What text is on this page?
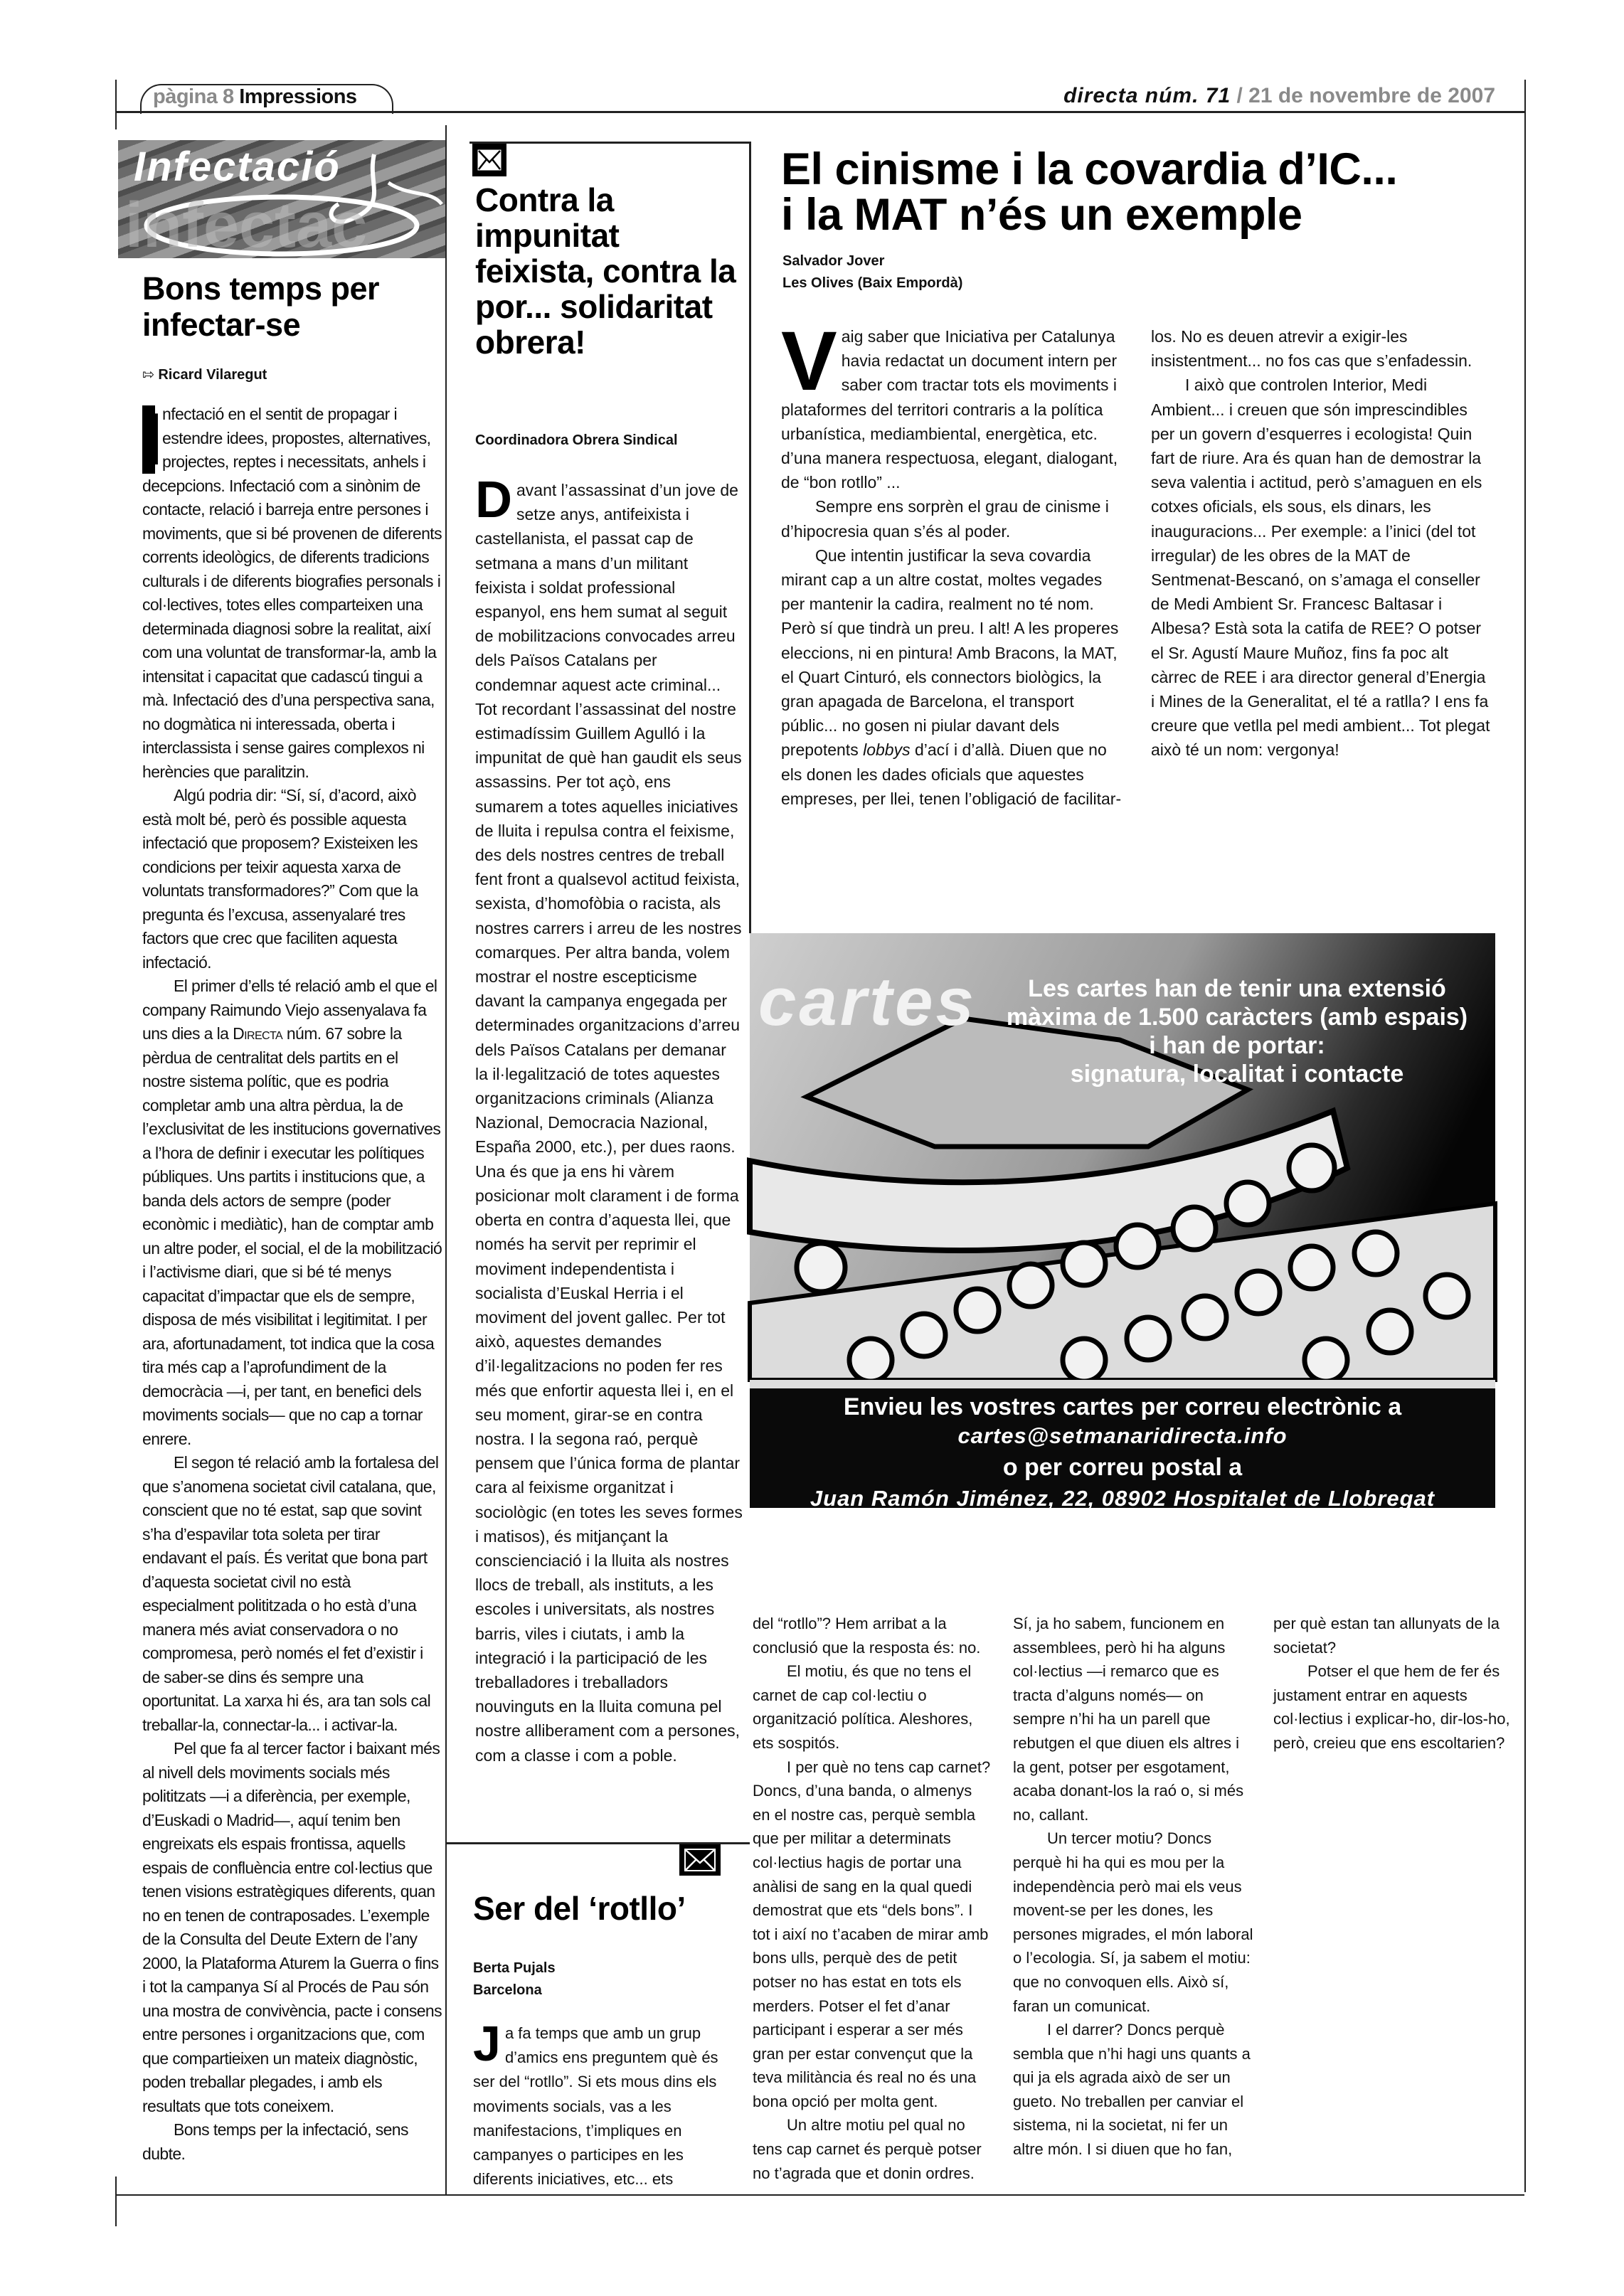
pàgina 8 Impressions	directa núm. 71 / 21 de novembre de 2007
infectac
Infectació
Bons temps per infectar-se
⇰ Ricard Vilaregut

I nfectació en el sentit de propagar i estendre idees, propostes, alternatives, projectes, reptes i necessitats, anhels i decepcions. Infectació com a sinònim de contacte, relació i barreja entre persones i moviments, que si bé provenen de diferents corrents ideològics, de diferents tradicions culturals i de diferents biografies personals i col·lectives, totes elles comparteixen una determinada diagnosi sobre la realitat, així com una voluntat de transformar-la, amb la intensitat i capacitat que cadascú tingui a mà. Infectació des d’una perspectiva sana, no dogmàtica ni interessada, oberta i interclassista i sense gaires complexos ni herències que paralitzin.

Algú podria dir: “Sí, sí, d’acord, això està molt bé, però és possible aquesta infectació que proposem? Existeixen les condicions per teixir aquesta xarxa de voluntats transformadores?” Com que la pregunta és l’excusa, assenyalaré tres factors que crec que faciliten aquesta infectació.

El primer d’ells té relació amb el que el company Raimundo Viejo assenyalava fa uns dies a la Directa núm. 67 sobre la pèrdua de centralitat dels partits en el nostre sistema polític, que es podria completar amb una altra pèrdua, la de l’exclusivitat de les institucions governatives a l’hora de definir i executar les polítiques públiques. Uns partits i institucions que, a banda dels actors de sempre (poder econòmic i mediàtic), han de comptar amb un altre poder, el social, el de la mobilització i l’activisme diari, que si bé té menys capacitat d’impactar que els de sempre, disposa de més visibilitat i legitimitat. I per ara, afortunadament, tot indica que la cosa tira més cap a l’aprofundiment de la democràcia —i, per tant, en benefici dels moviments socials— que no cap a tornar enrere.

El segon té relació amb la fortalesa del que s’anomena societat civil catalana, que, conscient que no té estat, sap que sovint s’ha d’espavilar tota soleta per tirar endavant el país. És veritat que bona part d’aquesta societat civil no està especialment polititzada o ho està d’una manera més aviat conservadora o no compromesa, però només el fet d’existir i de saber-se dins és sempre una oportunitat. La xarxa hi és, ara tan sols cal treballar-la, connectar-la... i activar-la.

Pel que fa al tercer factor i baixant més al nivell dels moviments socials més polititzats —i a diferència, per exemple, d’Euskadi o Madrid—, aquí tenim ben engreixats els espais frontissa, aquells espais de confluència entre col·lectius que tenen visions estratègiques diferents, quan no en tenen de contraposades. L’exemple de la Consulta del Deute Extern de l’any 2000, la Plataforma Aturem la Guerra o fins i tot la campanya Sí al Procés de Pau són una mostra de convivència, pacte i consens entre persones i organitzacions que, com que compartieixen un mateix diagnòstic, poden treballar plegades, i amb els resultats que tots coneixem.

Bons temps per la infectació, sens dubte.

Contra la impunitat feixista, contra la por... solidaritat obrera!
Coordinadora Obrera Sindical

Davant l’assassinat d’un jove de setze anys, antifeixista i castellanista, el passat cap de setmana a mans d’un militant feixista i soldat professional espanyol, ens hem sumat al seguit de mobilitzacions convocades arreu dels Països Catalans per condemnar aquest acte criminal... Tot recordant l’assassinat del nostre estimadíssim Guillem Agulló i la impunitat de què han gaudit els seus assassins. Per tot açò, ens sumarem a totes aquelles iniciatives de lluita i repulsa contra el feixisme, des dels nostres centres de treball fent front a qualsevol actitud feixista, sexista, d’homofòbia o racista, als nostres carrers i arreu de les nostres comarques. Per altra banda, volem mostrar el nostre escepticisme davant la campanya engegada per determinades organitzacions d’arreu dels Països Catalans per demanar la il·legalització de totes aquestes organitzacions criminals (Alianza Nazional, Democracia Nazional, España 2000, etc.), per dues raons. Una és que ja ens hi vàrem posicionar molt clarament i de forma oberta en contra d’aquesta llei, que només ha servit per reprimir el moviment independentista i socialista d’Euskal Herria i el moviment del jovent gallec. Per tot això, aquestes demandes d’il·legalitzacions no poden fer res més que enfortir aquesta llei i, en el seu moment, girar-se en contra nostra. I la segona raó, perquè pensem que l’única forma de plantar cara al feixisme organitzat i sociològic (en totes les seves formes i matisos), és mitjançant la conscienciació i la lluita als nostres llocs de treball, als instituts, a les escoles i universitats, als nostres barris, viles i ciutats, i amb la integració i la participació de les treballadores i treballadors nouvinguts en la lluita comuna pel nostre alliberament com a persones, com a classe i com a poble.

Ser del ‘rotllo’
Berta Pujals
Barcelona

Ja fa temps que amb un grup d’amics ens preguntem què és ser del “rotllo”. Si ets mous dins els moviments socials, vas a les manifestacions, t’impliques en campanyes o participes en les diferents iniciatives, etc... ets

El cinisme i la covardia d’IC...
i la MAT n’és un exemple
Salvador Jover
Les Olives (Baix Empordà)

Vaig saber que Iniciativa per Catalunya havia redactat un document intern per saber com tractar tots els moviments i plataformes del territori contraris a la política urbanística, mediambiental, energètica, etc. d’una manera respectuosa, elegant, dialogant, de “bon rotllo” ...

Sempre ens sorprèn el grau de cinisme i d’hipocresia quan s’és al poder.

Que intentin justificar la seva covardia mirant cap a un altre costat, moltes vegades per mantenir la cadira, realment no té nom. Però sí que tindrà un preu. I alt! A les properes eleccions, ni en pintura! Amb Bracons, la MAT, el Quart Cinturó, els connectors biològics, la gran apagada de Barcelona, el transport públic... no gosen ni piular davant dels prepotents lobbys d’ací i d’allà. Diuen que no els donen les dades oficials que aquestes empreses, per llei, tenen l’obligació de facilitar-los. No es deuen atrevir a exigir-les insistentment... no fos cas que s’enfadessin.

I això que controlen Interior, Medi Ambient... i creuen que són imprescindibles per un govern d’esquerres i ecologista! Quin fart de riure. Ara és quan han de demostrar la seva valentia i actitud, però s’amaguen en els cotxes oficials, els sous, els dinars, les inauguracions... Per exemple: a l’inici (del tot irregular) de les obres de la MAT de Sentmenat-Bescanó, on s’amaga el conseller de Medi Ambient Sr. Francesc Baltasar i Albesa? Està sota la catifa de REE? O potser el Sr. Agustí Maure Muñoz, fins fa poc alt càrrec de REE i ara director general d’Energia i Mines de la Generalitat, el té a ratlla? I ens fa creure que vetlla pel medi ambient... Tot plegat això té un nom: vergonya!

cartes	Les cartes han de tenir una extensió
màxima de 1.500 caràcters (amb espais)
i han de portar:
signatura, localitat i contacte
Envieu les vostres cartes per correu electrònic a
cartes@setmanaridirecta.info
o per correu postal a
Juan Ramón Jiménez, 22, 08902 Hospitalet de Llobregat

del “rotllo”? Hem arribat a la conclusió que la resposta és: no.

El motiu, és que no tens el carnet de cap col·lectiu o organització política. Aleshores, ets sospitós.

I per què no tens cap carnet? Doncs, d’una banda, o almenys en el nostre cas, perquè sembla que per militar a determinats col·lectius hagis de portar una anàlisi de sang en la qual quedi demostrat que ets “dels bons”. I tot i així no t’acaben de mirar amb bons ulls, perquè des de petit potser no has estat en tots els merders. Potser el fet d’anar participant i esperar a ser més gran per estar convençut que la teva militància és real no és una bona opció per molta gent.

Un altre motiu pel qual no tens cap carnet és perquè potser no t’agrada que et donin ordres. Sí, ja ho sabem, funcionem en assemblees, però hi ha alguns col·lectius —i remarco que es tracta d’alguns només— on sempre n’hi ha un parell que rebutgen el que diuen els altres i la gent, potser per esgotament, acaba donant-los la raó o, si més no, callant.

Un tercer motiu? Doncs perquè hi ha qui es mou per la independència però mai els veus movent-se per les dones, les persones migrades, el món laboral o l’ecologia. Sí, ja sabem el motiu: que no convoquen ells. Això sí, faran un comunicat.

I el darrer? Doncs perquè sembla que n’hi hagi uns quants a qui ja els agrada això de ser un gueto. No treballen per canviar el sistema, ni la societat, ni fer un altre món. I si diuen que ho fan, per què estan tan allunyats de la societat?

Potser el que hem de fer és justament entrar en aquests col·lectius i explicar-ho, dir-los-ho, però, creieu que ens escoltarien?
